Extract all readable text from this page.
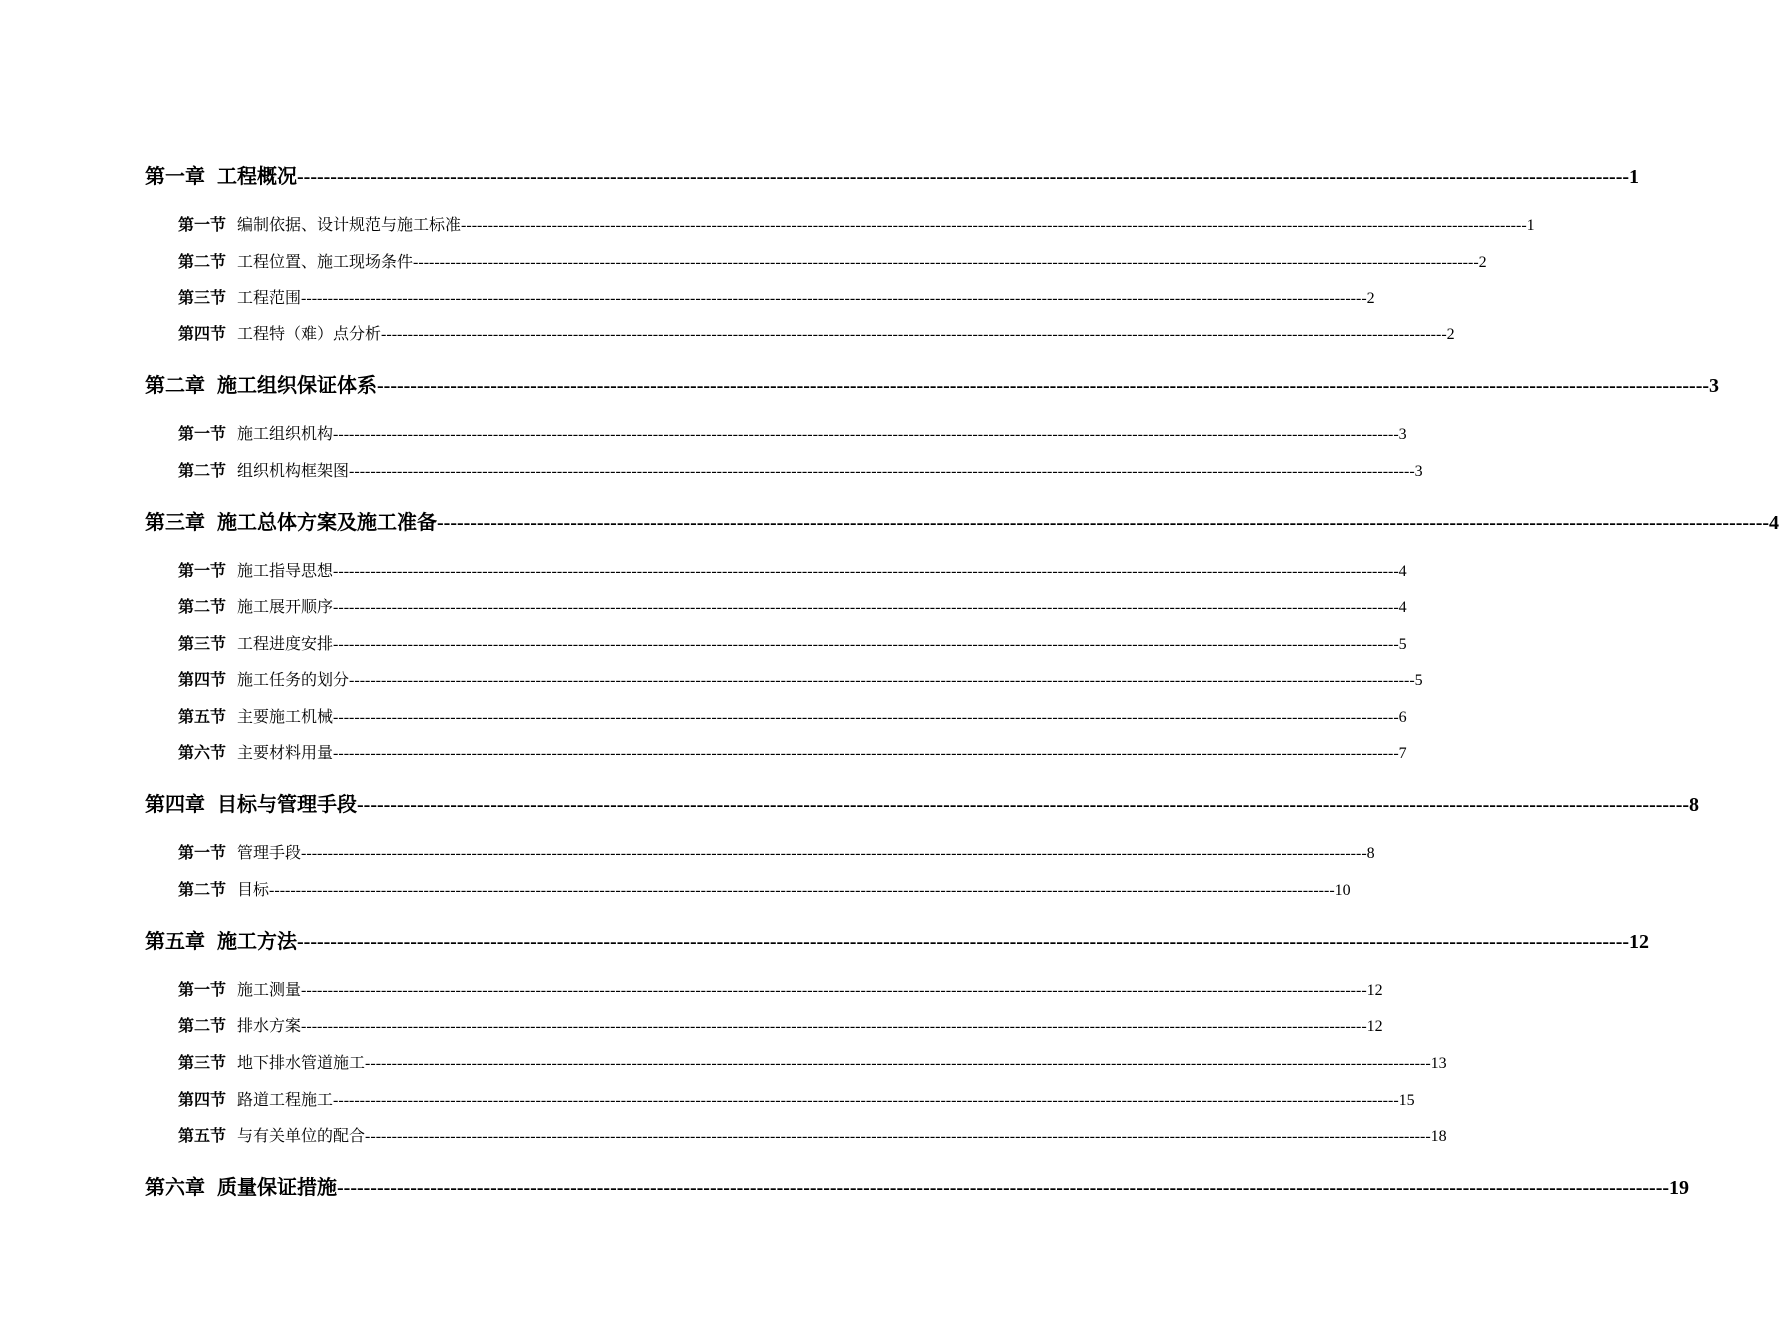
第一章 工程概况 -------------------------------------------------------------------------------------------------------------------------------------------------------------------------------------------------------- 1
第一节 编制依据、设计规范与施工标准 -------------------------------------------------------------------------------------------------------------------------------------------------------------------------------------------------------- 1
第二节 工程位置、施工现场条件 -------------------------------------------------------------------------------------------------------------------------------------------------------------------------------------------------------- 2
第三节 工程范围 -------------------------------------------------------------------------------------------------------------------------------------------------------------------------------------------------------- 2
第四节 工程特（难）点分析 -------------------------------------------------------------------------------------------------------------------------------------------------------------------------------------------------------- 2
第二章 施工组织保证体系 -------------------------------------------------------------------------------------------------------------------------------------------------------------------------------------------------------- 3
第一节 施工组织机构 -------------------------------------------------------------------------------------------------------------------------------------------------------------------------------------------------------- 3
第二节 组织机构框架图 -------------------------------------------------------------------------------------------------------------------------------------------------------------------------------------------------------- 3
第三章 施工总体方案及施工准备 -------------------------------------------------------------------------------------------------------------------------------------------------------------------------------------------------------- 4
第一节 施工指导思想 -------------------------------------------------------------------------------------------------------------------------------------------------------------------------------------------------------- 4
第二节 施工展开顺序 -------------------------------------------------------------------------------------------------------------------------------------------------------------------------------------------------------- 4
第三节 工程进度安排 -------------------------------------------------------------------------------------------------------------------------------------------------------------------------------------------------------- 5
第四节 施工任务的划分 -------------------------------------------------------------------------------------------------------------------------------------------------------------------------------------------------------- 5
第五节 主要施工机械 -------------------------------------------------------------------------------------------------------------------------------------------------------------------------------------------------------- 6
第六节 主要材料用量 -------------------------------------------------------------------------------------------------------------------------------------------------------------------------------------------------------- 7
第四章 目标与管理手段 -------------------------------------------------------------------------------------------------------------------------------------------------------------------------------------------------------- 8
第一节 管理手段 -------------------------------------------------------------------------------------------------------------------------------------------------------------------------------------------------------- 8
第二节 目标 -------------------------------------------------------------------------------------------------------------------------------------------------------------------------------------------------------- 10
第五章 施工方法 -------------------------------------------------------------------------------------------------------------------------------------------------------------------------------------------------------- 12
第一节 施工测量 -------------------------------------------------------------------------------------------------------------------------------------------------------------------------------------------------------- 12
第二节 排水方案 -------------------------------------------------------------------------------------------------------------------------------------------------------------------------------------------------------- 12
第三节 地下排水管道施工 -------------------------------------------------------------------------------------------------------------------------------------------------------------------------------------------------------- 13
第四节 路道工程施工 -------------------------------------------------------------------------------------------------------------------------------------------------------------------------------------------------------- 15
第五节 与有关单位的配合 -------------------------------------------------------------------------------------------------------------------------------------------------------------------------------------------------------- 18
第六章 质量保证措施 -------------------------------------------------------------------------------------------------------------------------------------------------------------------------------------------------------- 19
